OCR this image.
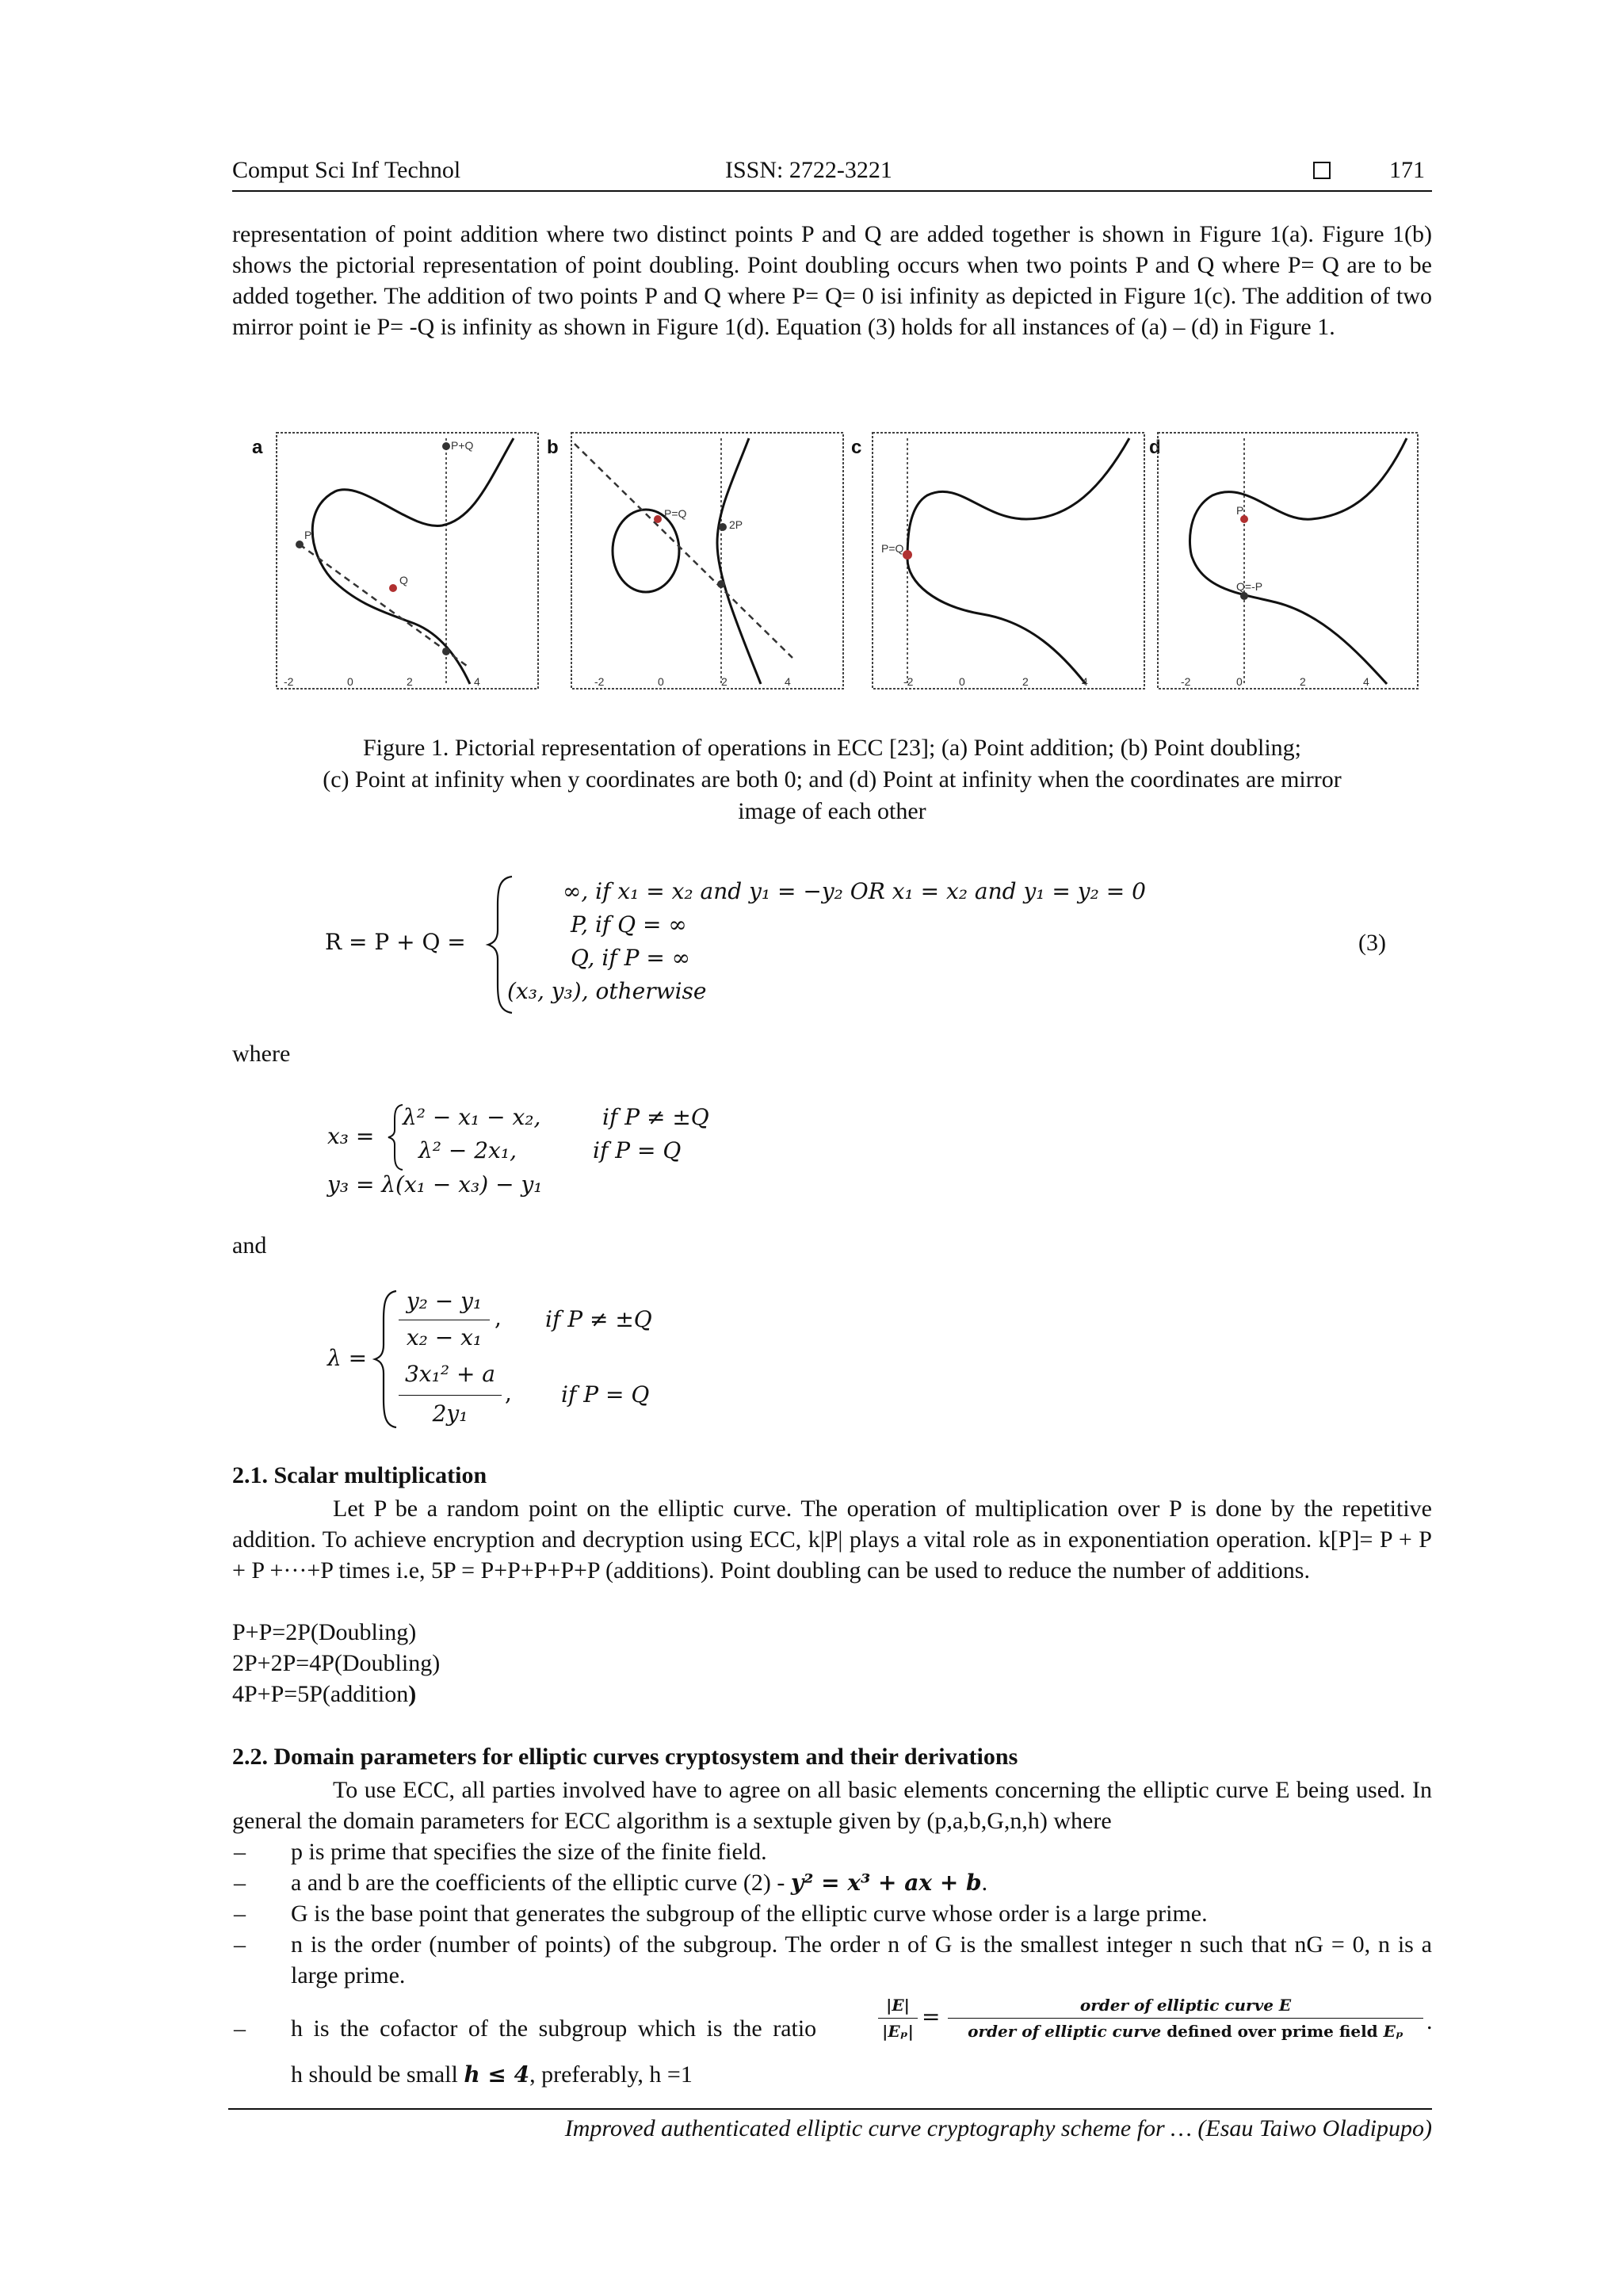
Comput Sci Inf Technol	ISSN: 2722-3221	171
representation of point addition where two distinct points P and Q are added together is shown in Figure 1(a). Figure 1(b) shows the pictorial representation of point doubling. Point doubling occurs when two points P and Q where P= Q are to be added together. The addition of two points P and Q where P= Q= 0 isi infinity as depicted in Figure 1(c). The addition of two mirror point ie P= -Q is infinity as shown in Figure 1(d). Equation (3) holds for all instances of (a) – (d) in Figure 1.
a	P+Q
-2	0	2	4
P
Q
b
P=Q
2P
-2	0	2	4
c
P=Q
-2	0	2	4
d
P
Q=-P
-2	0	2	4
Figure 1. Pictorial representation of operations in ECC [23]; (a) Point addition; (b) Point doubling;
(c) Point at infinity when y coordinates are both 0; and (d) Point at infinity when the coordinates are mirror
image of each other
R = P + Q =
∞, if x₁ = x₂ and y₁ = −y₂ OR x₁ = x₂ and y₁ = y₂ = 0
P, if Q = ∞
Q, if P = ∞
(x₃, y₃), otherwise
(3)
where
x₃ =
λ² − x₁ − x₂,	if P ≠ ±Q
λ² − 2x₁,	if P = Q
y₃ = λ(x₁ − x₃) − y₁
and
λ =
y₂ − y₁
,
x₂ − x₁
if P ≠ ±Q
3x₁² + a
,
2y₁
if P = Q
2.1. Scalar multiplication
Let P be a random point on the elliptic curve. The operation of multiplication over P is done by the repetitive addition. To achieve encryption and decryption using ECC, k|P| plays a vital role as in exponentiation operation. k[P]= P + P + P +···+P times i.e, 5P = P+P+P+P+P (additions). Point doubling can be used to reduce the number of additions.
P+P=2P(Doubling)
2P+2P=4P(Doubling)
4P+P=5P(addition)
2.2. Domain parameters for elliptic curves cryptosystem and their derivations
To use ECC, all parties involved have to agree on all basic elements concerning the elliptic curve E being used. In general the domain parameters for ECC algorithm is a sextuple given by (p,a,b,G,n,h) where
– p is prime that specifies the size of the finite field.
– a and b are the coefficients of the elliptic curve (2) - y² = x³ + ax + b.
– G is the base point that generates the subgroup of the elliptic curve whose order is a large prime.
– n is the order (number of points) of the subgroup. The order n of G is the smallest integer n such that nG = 0, n is a large prime.
– h is the cofactor of the subgroup which is the ratio
|E|
|Eₚ|
=	order of elliptic curve E
order of elliptic curve defined over prime field Eₚ .
h should be small h ≤ 4, preferably, h =1
Improved authenticated elliptic curve cryptography scheme for … (Esau Taiwo Oladipupo)
